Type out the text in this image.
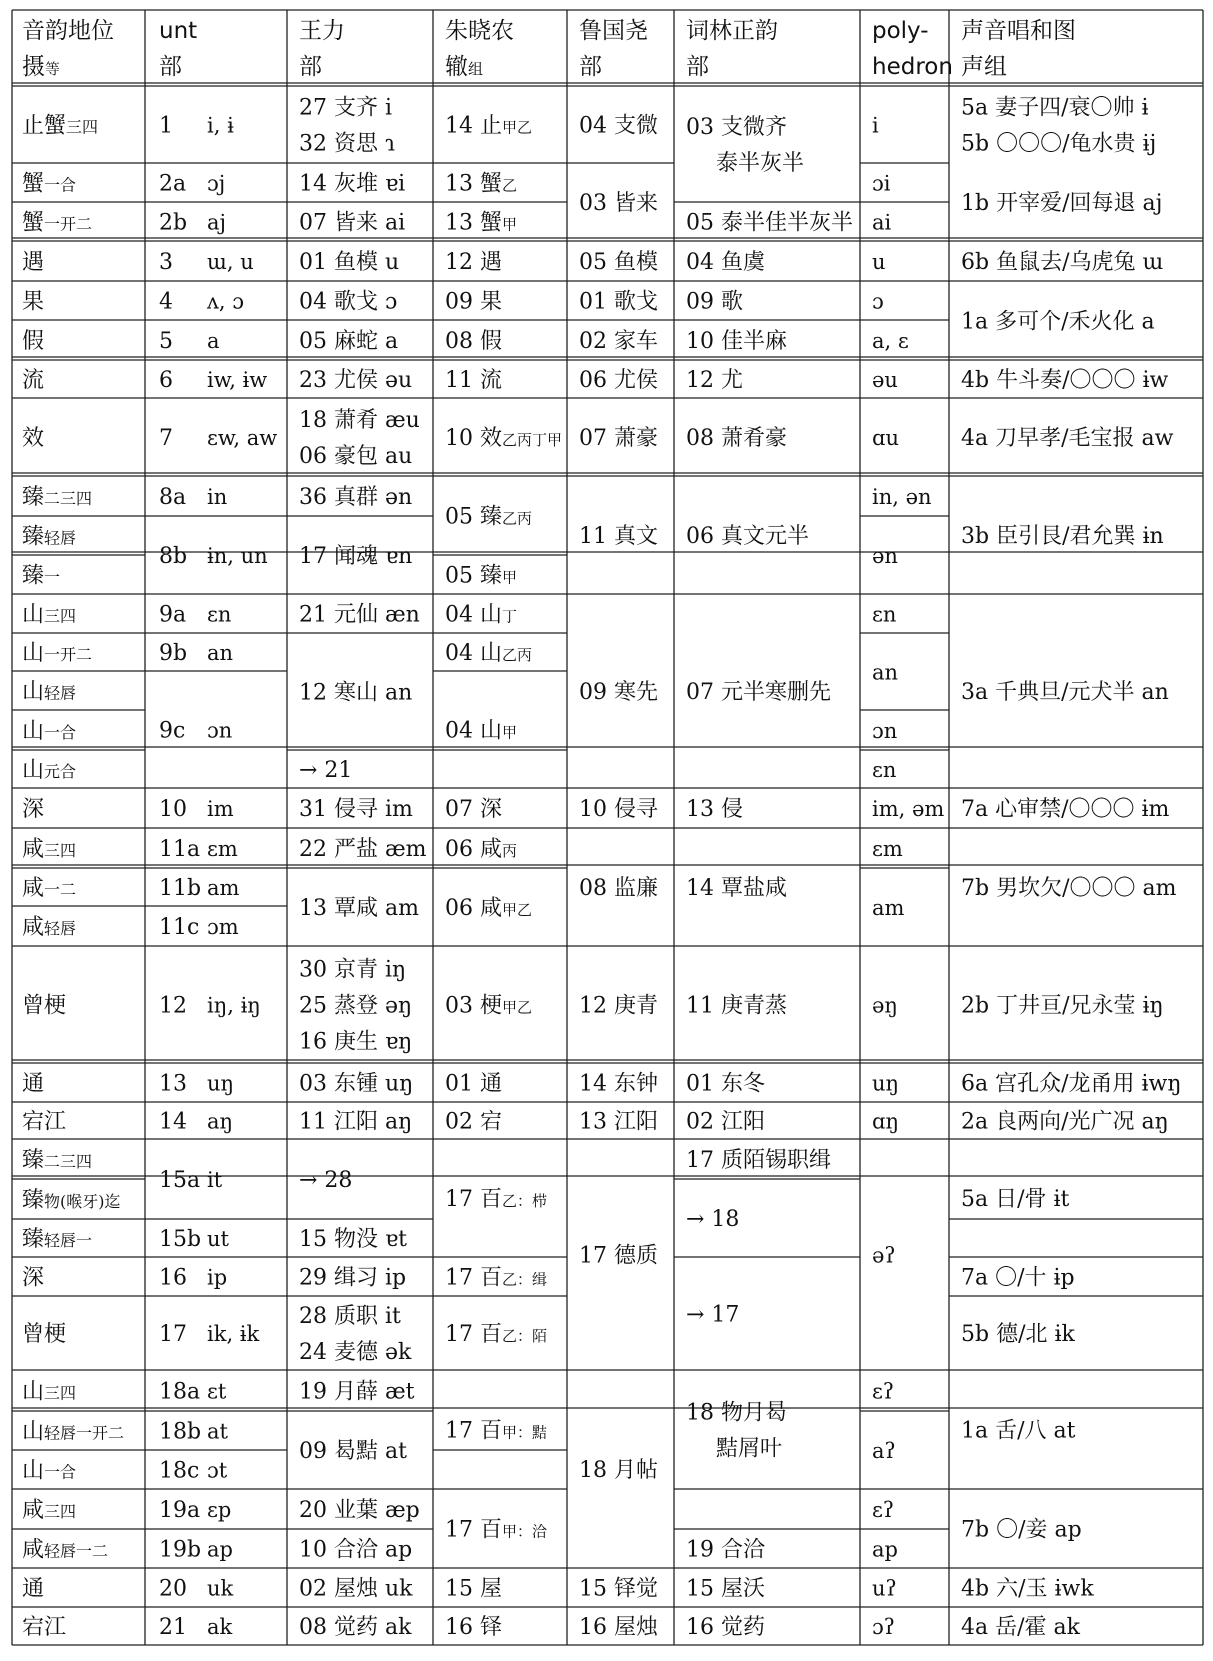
音韵地位
摄等
unt
部
王力
部
朱晓农
辙组
鲁国尧
部
词林正韵
部
poly-
hedron
声音唱和图
声组
止蟹三四
蟹一合
蟹一开二
遇
果
假
流
效
臻二三四
臻轻唇
臻一
山三四
山一开二
山轻唇
山一合
山元合
深
咸三四
咸一二
咸轻唇
曾梗
通
宕江
臻二三四
臻物(喉牙)迄
臻轻唇一
深
曾梗
山三四
山轻唇一开二
山一合
咸三四
咸轻唇一二
通
宕江
1 i, ɨ
2a ɔj
2b aj
3 ɯ, u
4 ʌ, ɔ
5 a
6 iw, ɨw
7 ɛw, aw
8a in
8b ɨn, un
9a ɛn
9b an
9c ɔn
10 im
11a ɛm
11b am
11c ɔm
12 iŋ, ɨŋ
13 uŋ
14 aŋ
15a it
15b ut
16 ip
17 ik, ɨk
18a ɛt
18b at
18c ɔt
19a ɛp
19b ap
20 uk
21 ak
27 支齐 i
32 资思 ɿ
14 灰堆 ɐi
07 皆来 ai
01 鱼模 u
04 歌戈 ɔ
05 麻蛇 a
23 尤侯 əu
18 萧肴 æu
06 豪包 au
36 真群 ən
17 闻魂 ɐn
21 元仙 æn
12 寒山 an
→ 21
31 侵寻 im
22 严盐 æm
13 覃咸 am
30 京青 iŋ
25 蒸登 əŋ
16 庚生 ɐŋ
03 东锺 uŋ
11 江阳 aŋ
→ 28
15 物没 ɐt
29 缉习 ip
28 质职 it
24 麦德 ək
19 月薛 æt
09 曷黠 at
20 业葉 æp
10 合洽 ap
02 屋烛 uk
08 觉药 ak
14 止甲乙
13 蟹乙
13 蟹甲
12 遇
09 果
08 假
11 流
10 效乙丙丁甲
05 臻乙丙
05 臻甲
04 山丁
04 山乙丙
04 山甲
07 深
06 咸丙
06 咸甲乙
03 梗甲乙
01 通
02 宕
17 百乙：栉
17 百乙：缉
17 百乙：陌
17 百甲：黠
17 百甲：洽
15 屋
16 铎
04 支微
03 皆来
05 鱼模
01 歌戈
02 家车
06 尤侯
07 萧豪
11 真文
09 寒先
10 侵寻
08 监廉
12 庚青
14 东钟
13 江阳
17 德质
18 月帖
15 铎觉
16 屋烛
03 支微齐
泰半灰半
05 泰半佳半灰半
04 鱼虞
09 歌
10 佳半麻
12 尤
08 萧肴豪
06 真文元半
07 元半寒删先
13 侵
14 覃盐咸
11 庚青蒸
01 东冬
02 江阳
17 质陌锡职缉
→ 18
→ 17
18 物月曷
黠屑叶
19 合洽
15 屋沃
16 觉药
i
ɔi
ai
u
ɔ
a, ɛ
əu
ɑu
in, ən
ən
ɛn
an
ɔn
ɛn
im, əm
ɛm
am
əŋ
uŋ
ɑŋ
əʔ
ɛʔ
aʔ
ɛʔ
ap
uʔ
ɔʔ
5a 妻子四/衰〇帅 ɨ
5b 〇〇〇/龟水贵 ɨj
1b 开宰爱/回每退 aj
6b 鱼鼠去/乌虎兔 ɯ
1a 多可个/禾火化 a
4b 牛斗奏/〇〇〇 ɨw
4a 刀早孝/毛宝报 aw
3b 臣引艮/君允巽 ɨn
3a 千典旦/元犬半 an
7a 心审禁/〇〇〇 ɨm
7b 男坎欠/〇〇〇 am
2b 丁井亘/兄永莹 ɨŋ
6a 宫孔众/龙甬用 ɨwŋ
2a 良两向/光广况 aŋ
5a 日/骨 ɨt
7a 〇/十 ɨp
5b 德/北 ɨk
1a 舌/八 at
7b 〇/妾 ap
4b 六/玉 ɨwk
4a 岳/霍 ak
